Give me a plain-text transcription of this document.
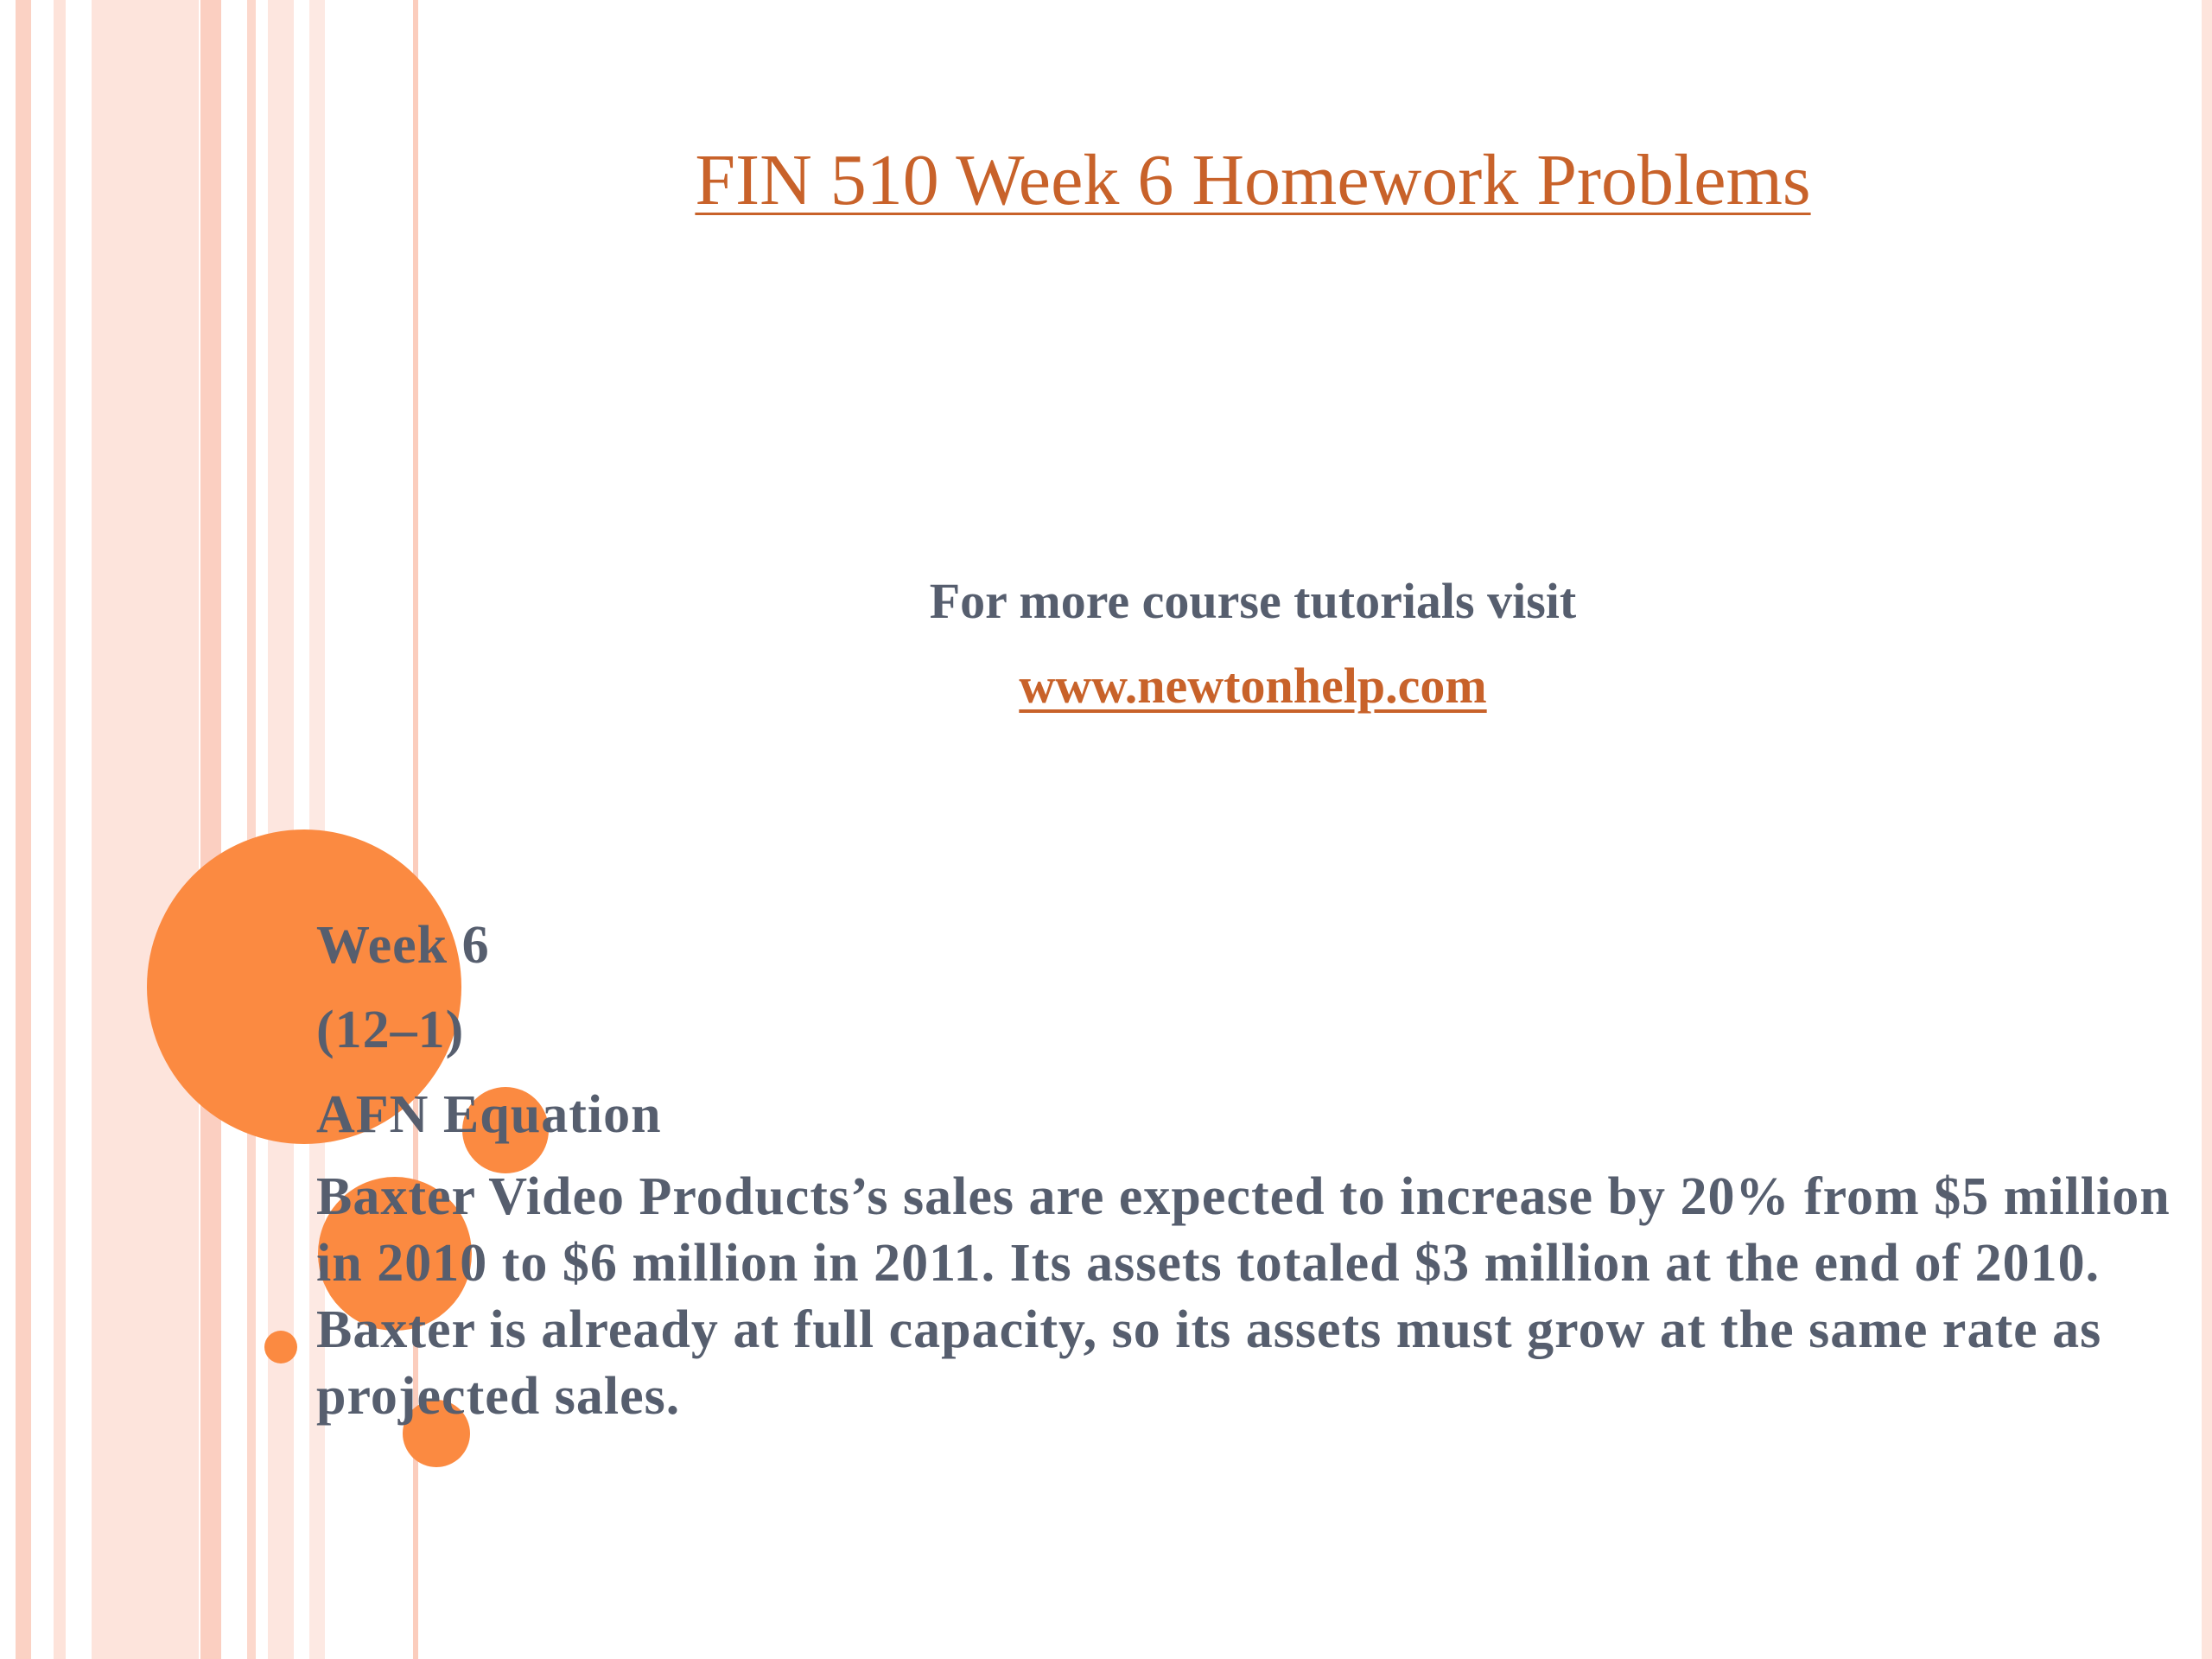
FIN 510 Week 6 Homework Problems
For more course tutorials visit
www.newtonhelp.com
Week 6
(12–1)
AFN Equation
Baxter Video Products’s sales are expected to increase by 20% from $5 million in 2010 to $6 million in 2011. Its assets totaled $3 million at the end of 2010. Baxter is already at full capacity, so its assets must grow at the same rate as projected sales.
